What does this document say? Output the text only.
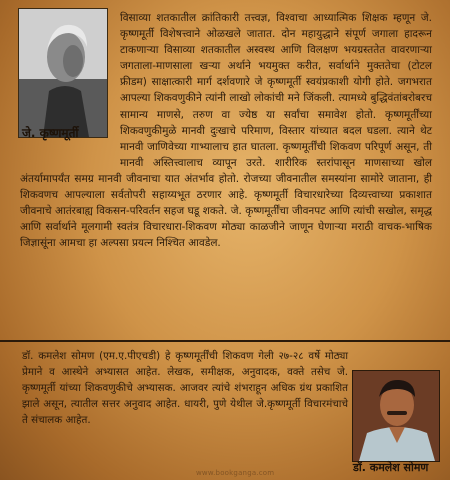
जे. कृष्णमूर्ती

विसाव्या शतकातील क्रांतिकारी तत्त्वज्ञ, विश्वाचा आध्यात्मिक शिक्षक म्हणून जे. कृष्णमूर्ती विशेषत्त्वाने ओळखले जातात. दोन महायुद्धाने संपूर्ण जगाला हादरून टाकणाऱ्या विसाव्या शतकातील अस्वस्थ आणि विलक्षण भयग्रस्ततेत वावरणाऱ्या जगताला-माणसाला खऱ्या अर्थाने भयमुक्त करीत, सर्वार्थाने मुक्ततेचा (टोटल फ्रीडम) साक्षात्कारी मार्ग दर्शवणारे जे कृष्णमूर्ती स्वयंप्रकाशी योगी होते. जगभरात आपल्या शिकवणुकीने त्यांनी लाखो लोकांची मने जिंकली. त्यामध्ये बुद्धिवंतांबरोबरच सामान्य माणसे, तरुण वा ज्येष्ठ या सर्वांचा समावेश होतो. कृष्णमूर्तींच्या शिकवणुकीमुळे मानवी दुःखाचे परिमाण, विस्तार यांच्यात बदल घडला. त्याने थेट मानवी जाणिवेच्या गाभ्यालाच हात घातला. कृष्णमूर्तींची शिकवण परिपूर्ण असून, ती मानवी अस्तित्त्वालाच व्यापून उरते. शारीरिक स्तरांपासून माणसाच्या खोल अंतर्यामापर्यंत समग्र मानवी जीवनाचा यात अंतर्भाव होतो. रोजच्या जीवनातील समस्यांना सामोरे जाताना, ही शिकवणच आपल्याला सर्वतोपरी सहाय्यभूत ठरणार आहे. कृष्णमूर्ती विचारधारेच्या दिव्यत्त्वाच्या प्रकाशात जीवनाचे आतंरबाह्य विकसन-परिवर्तन सहज घडू शकते. जे. कृष्णमूर्तींचा जीवनपट आणि त्यांची सखोल, समृद्ध आणि सर्वार्थाने मूलगामी स्वतंत्र विचारधारा-शिकवण मोठ्या काळजीने जाणून घेणाऱ्या मराठी वाचक-भाषिक जिज्ञासूंना आमचा हा अल्पसा प्रयत्न निश्चित आवडेल.

डॉ. कमलेश सोमण (एम.ए.पीएचडी) हे कृष्णमूर्तींची शिकवण गेली २७-२८ वर्षे मोठ्या प्रेमाने व आस्थेने अभ्यासत आहेत. लेखक, समीक्षक, अनुवादक, वक्ते तसेच जे. कृष्णमूर्ती यांच्या शिकवणुकीचे अभ्यासक. आजवर त्यांचे शंभराहून अधिक ग्रंथ प्रकाशित झाले असून, त्यातील सत्तर अनुवाद आहेत. धायरी, पुणे येथील जे.कृष्णमूर्ती विचारमंचाचे ते संचालक आहेत.

डॉ. कमलेश सोमण
www.bookganga.com
